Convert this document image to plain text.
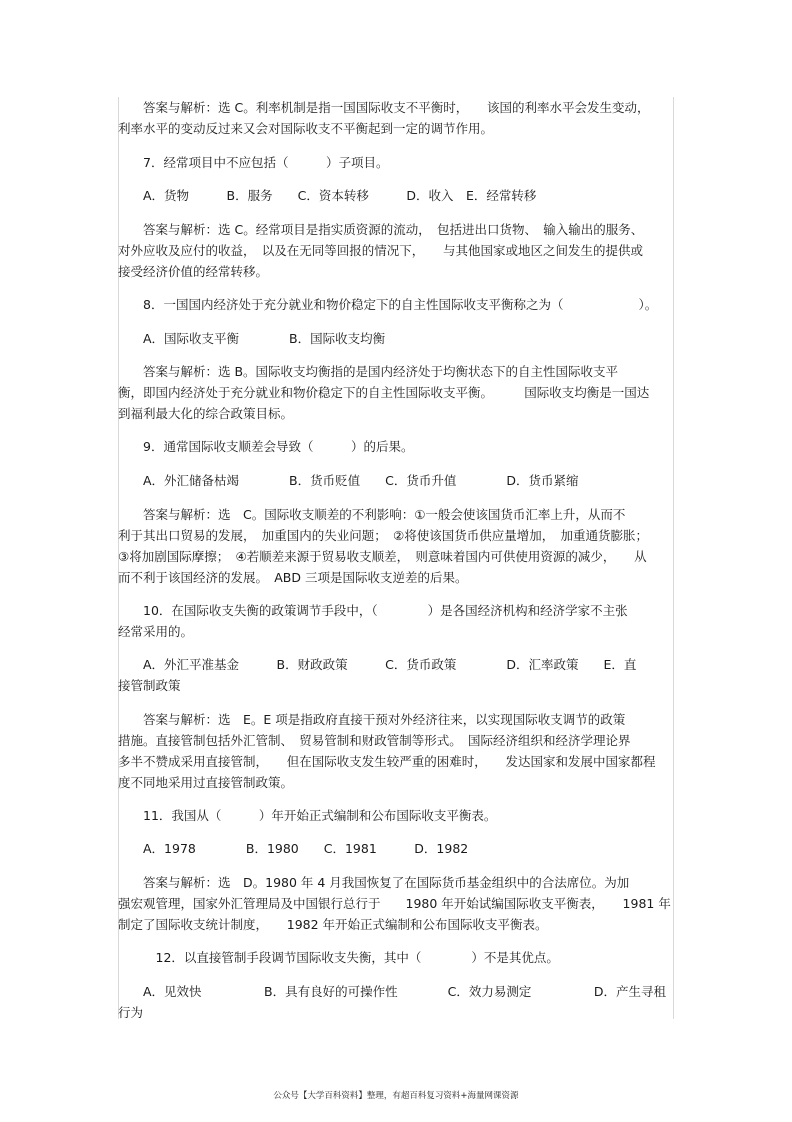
　　答案与解析：选 C。利率机制是指一国国际收支不平衡时，　　该国的利率水平会发生变动，
利率水平的变动反过来又会对国际收支不平衡起到一定的调节作用。
　　7．经常项目中不应包括（　　　）子项目。
　　A．货物　　　B．服务　　C．资本转移　　　D．收入　E．经常转移
　　答案与解析：选 C。经常项目是指实质资源的流动，　包括进出口货物、　输入输出的服务、
对外应收及应付的收益，　以及在无同等回报的情况下，　　与其他国家或地区之间发生的提供或
接受经济价值的经常转移。
　　8．一国国内经济处于充分就业和物价稳定下的自主性国际收支平衡称之为（　　　　　　）。
　　A．国际收支平衡　　　　B．国际收支均衡
　　答案与解析：选 B。国际收支均衡指的是国内经济处于均衡状态下的自主性国际收支平
衡，即国内经济处于充分就业和物价稳定下的自主性国际收支平衡。　　　国际收支均衡是一国达
到福利最大化的综合政策目标。
　　9．通常国际收支顺差会导致（　　　）的后果。
　　A．外汇储备枯竭　　　　B．货币贬值　　C．货币升值　　　　D．货币紧缩
　　答案与解析：选　C。国际收支顺差的不利影响：①一般会使该国货币汇率上升，从而不
利于其出口贸易的发展，　加重国内的失业问题；　②将使该国货币供应量增加，　加重通货膨胀；
③将加剧国际摩擦；　④若顺差来源于贸易收支顺差，　则意味着国内可供使用资源的减少，　　从
而不利于该国经济的发展。　ABD 三项是国际收支逆差的后果。
　　10．在国际收支失衡的政策调节手段中，（　　　　）是各国经济机构和经济学家不主张
经常采用的。
　　A．外汇平准基金　　　B．财政政策　　　C．货币政策　　　　D．汇率政策　　E．直
接管制政策
　　答案与解析：选　E。E 项是指政府直接干预对外经济往来，以实现国际收支调节的政策
措施。直接管制包括外汇管制、　贸易管制和财政管制等形式。　国际经济组织和经济学理论界
多半不赞成采用直接管制，　　但在国际收支发生较严重的困难时，　　发达国家和发展中国家都程
度不同地采用过直接管制政策。
　　11．我国从（　　　）年开始正式编制和公布国际收支平衡表。
　　A．1978　　　　B．1980　　C．1981　　　D．1982
　　答案与解析：选　D。1980 年 4 月我国恢复了在国际货币基金组织中的合法席位。为加
强宏观管理，国家外汇管理局及中国银行总行于　　1980 年开始试编国际收支平衡表，　　1981 年
制定了国际收支统计制度，　　1982 年开始正式编制和公布国际收支平衡表。
　　　12．以直接管制手段调节国际收支失衡，其中（　　　　）不是其优点。
　　A．见效快　　　　　B．具有良好的可操作性　　　　C．效力易测定　　　　　D．产生寻租
行为
公众号【大学百科资料】整理，有超百科复习资料+海量网课资源
